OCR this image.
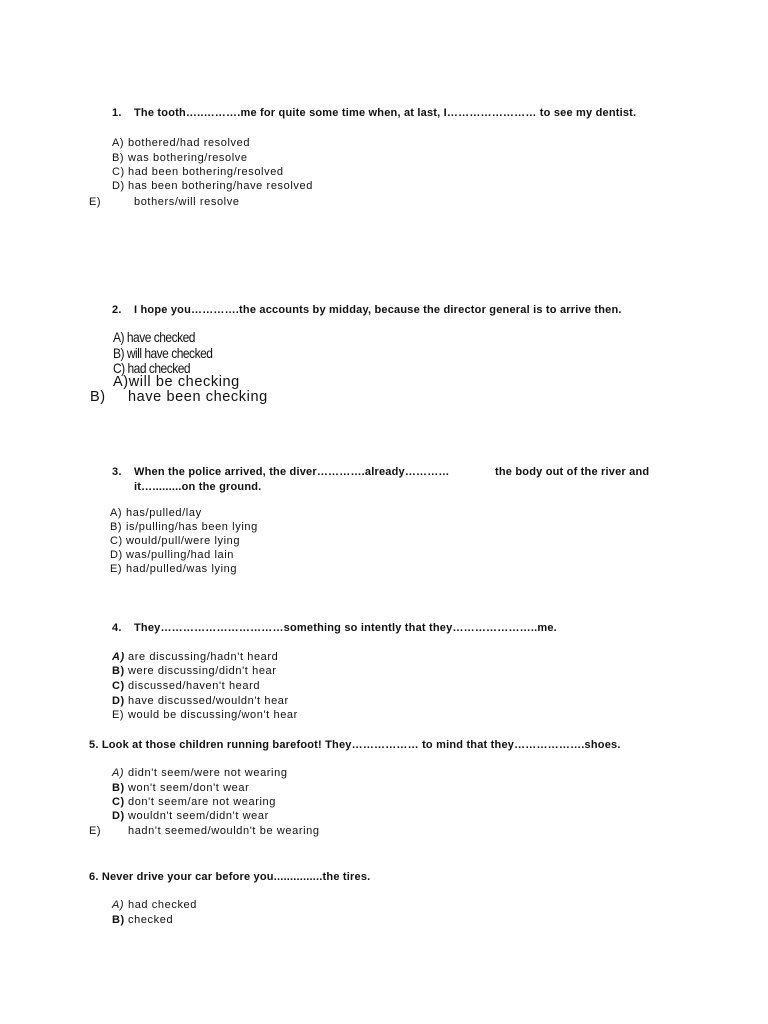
1. The tooth…..……….me for quite some time when, at last, I…………………… to see my dentist.
A) bothered/had resolved
B) was bothering/resolve
C) had been bothering/resolved
D) has been bothering/have resolved
E)	bothers/will resolve
2. I hope you………….the accounts by midday, because the director general is to arrive then.
A) have checked
B) will have checked
C) had checked
A)will be checking
B) have been checking
3. When the police arrived, the diver………….already…………	the body out of the river and
it….........on the ground.
A) has/pulled/lay
B) is/pulling/has been lying
C) would/pull/were lying
D) was/pulling/had lain
E) had/pulled/was lying
4. They……………………………something so intently that they…………………..me.
A) are discussing/hadn't heard
B) were discussing/didn't hear
C) discussed/haven't heard
D) have discussed/wouldn't hear
E) would be discussing/won't hear
5. Look at those children running barefoot! They……………… to mind that they……………….shoes.
A) didn't seem/were not wearing
B) won't seem/don't wear
C) don't seem/are not wearing
D) wouldn't seem/didn't wear
E) hadn't seemed/wouldn't be wearing
6. Never drive your car before you...............the tires.
A) had checked
B) checked
